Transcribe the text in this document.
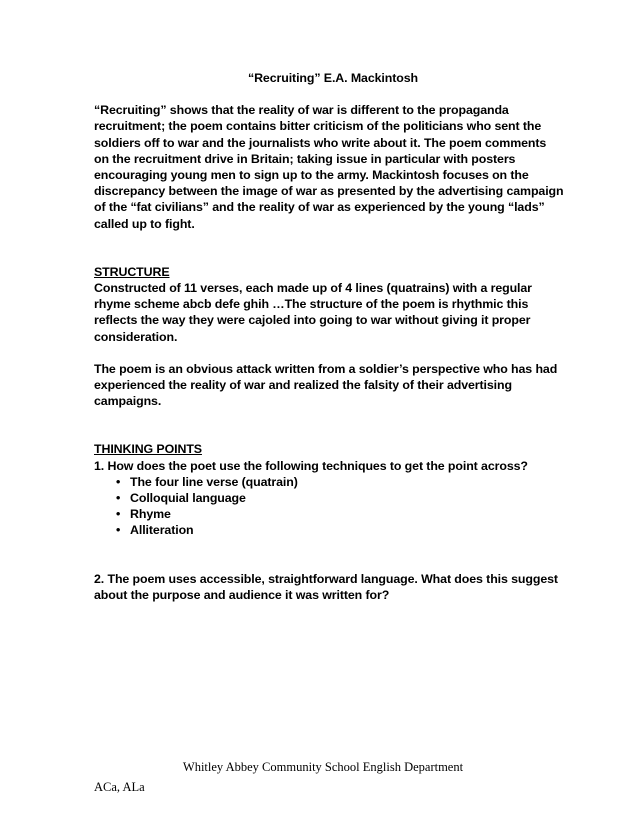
“Recruiting” E.A. Mackintosh

“Recruiting” shows that the reality of war is different to the propaganda recruitment; the poem contains bitter criticism of the politicians who sent the soldiers off to war and the journalists who write about it. The poem comments on the recruitment drive in Britain; taking issue in particular with posters encouraging young men to sign up to the army. Mackintosh focuses on the discrepancy between the image of war as presented by the advertising campaign of the “fat civilians” and the reality of war as experienced by the young “lads” called up to fight.

STRUCTURE

Constructed of 11 verses, each made up of 4 lines (quatrains) with a regular rhyme scheme abcb defe ghih …The structure of the poem is rhythmic this reflects the way they were cajoled into going to war without giving it proper consideration.

The poem is an obvious attack written from a soldier’s perspective who has had experienced the reality of war and realized the falsity of their advertising campaigns.

THINKING POINTS

1. How does the poet use the following techniques to get the point across?

• The four line verse (quatrain)
• Colloquial language
• Rhyme
• Alliteration

2. The poem uses accessible, straightforward language. What does this suggest about the purpose and audience it was written for?

Whitley Abbey Community School English Department
ACa, ALa
